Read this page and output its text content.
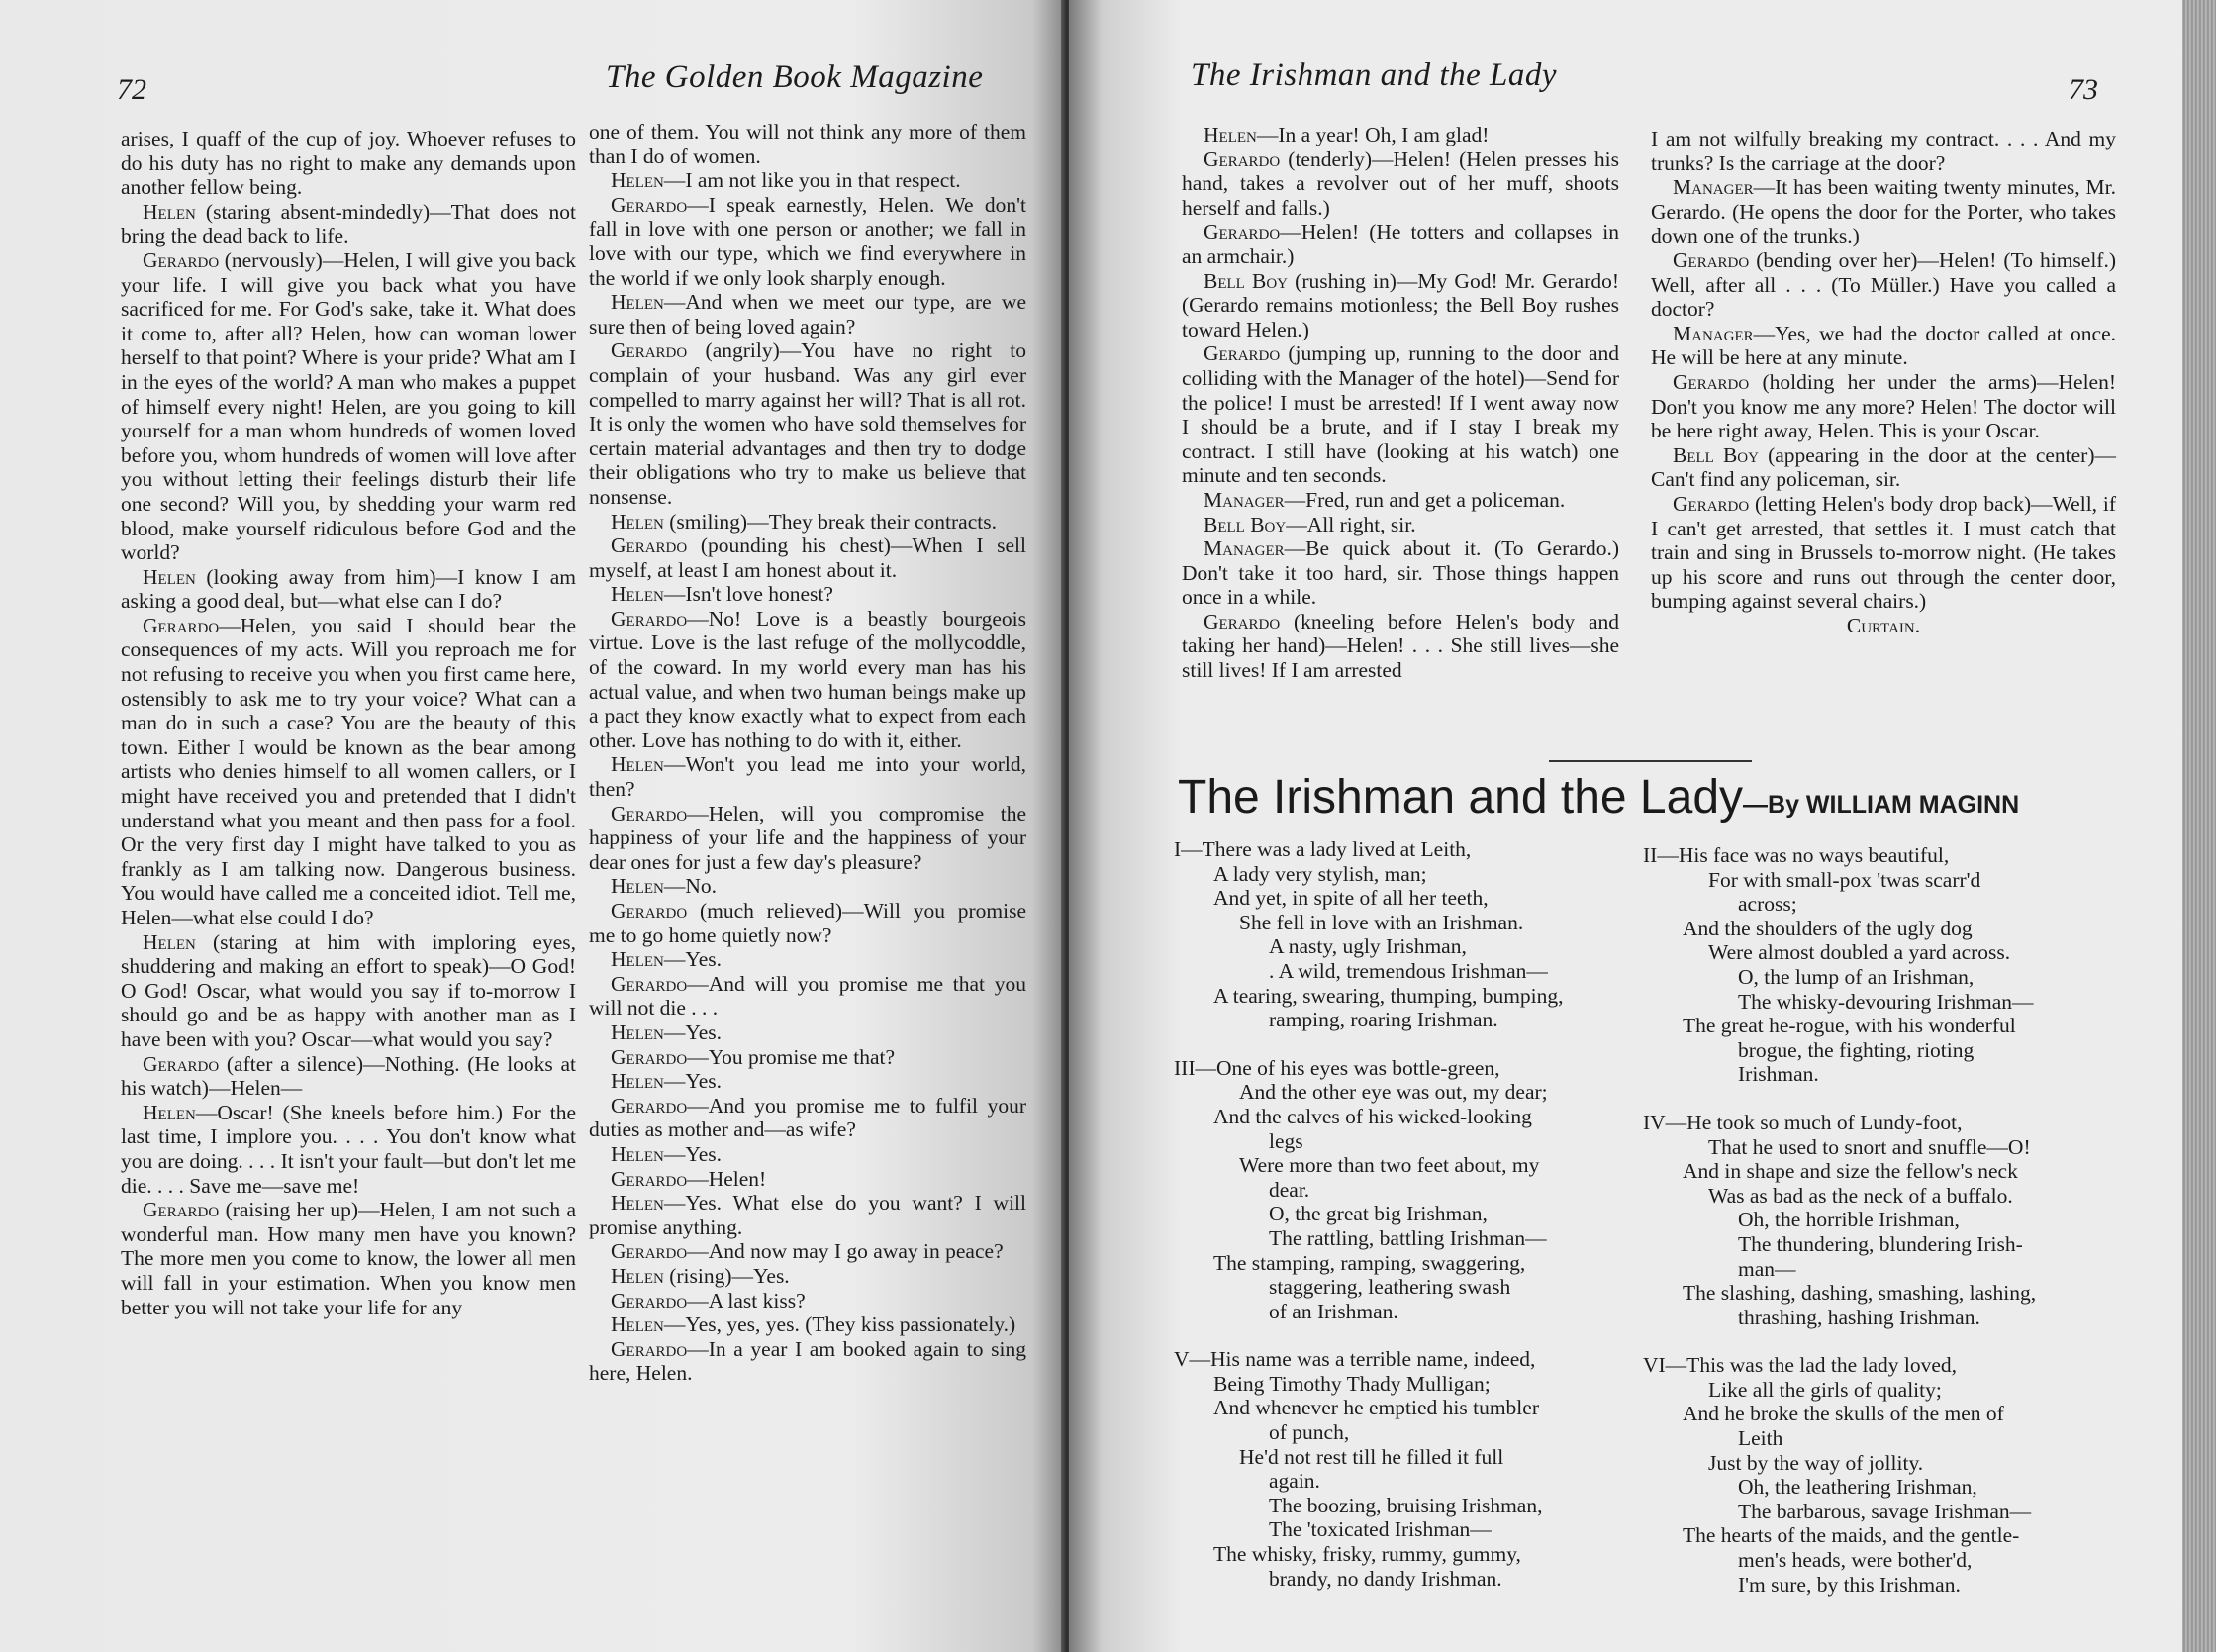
72	The Golden Book Magazine

arises, I quaff of the cup of joy. Whoever refuses to do his duty has no right to make any demands upon another fellow being.

Helen (staring absent-mindedly)—That does not bring the dead back to life.

Gerardo (nervously)—Helen, I will give you back your life. I will give you back what you have sacrificed for me. For God's sake, take it. What does it come to, after all? Helen, how can woman lower herself to that point? Where is your pride? What am I in the eyes of the world? A man who makes a puppet of himself every night! Helen, are you going to kill yourself for a man whom hundreds of women loved before you, whom hundreds of women will love after you without letting their feelings disturb their life one second? Will you, by shedding your warm red blood, make yourself ridiculous before God and the world?

Helen (looking away from him)—I know I am asking a good deal, but—what else can I do?

Gerardo—Helen, you said I should bear the consequences of my acts. Will you reproach me for not refusing to receive you when you first came here, ostensibly to ask me to try your voice? What can a man do in such a case? You are the beauty of this town. Either I would be known as the bear among artists who denies himself to all women callers, or I might have received you and pretended that I didn't understand what you meant and then pass for a fool. Or the very first day I might have talked to you as frankly as I am talking now. Dangerous business. You would have called me a conceited idiot. Tell me, Helen—what else could I do?

Helen (staring at him with imploring eyes, shuddering and making an effort to speak)—O God! O God! Oscar, what would you say if to-morrow I should go and be as happy with another man as I have been with you? Oscar—what would you say?

Gerardo (after a silence)—Nothing. (He looks at his watch)—Helen—

Helen—Oscar! (She kneels before him.) For the last time, I implore you. . . . You don't know what you are doing. . . . It isn't your fault—but don't let me die. . . . Save me—save me!

Gerardo (raising her up)—Helen, I am not such a wonderful man. How many men have you known? The more men you come to know, the lower all men will fall in your estimation. When you know men better you will not take your life for any

one of them. You will not think any more of them than I do of women.

Helen—I am not like you in that respect.

Gerardo—I speak earnestly, Helen. We don't fall in love with one person or another; we fall in love with our type, which we find everywhere in the world if we only look sharply enough.

Helen—And when we meet our type, are we sure then of being loved again?

Gerardo (angrily)—You have no right to complain of your husband. Was any girl ever compelled to marry against her will? That is all rot. It is only the women who have sold themselves for certain material advantages and then try to dodge their obligations who try to make us believe that nonsense.

Helen (smiling)—They break their contracts.

Gerardo (pounding his chest)—When I sell myself, at least I am honest about it.

Helen—Isn't love honest?

Gerardo—No! Love is a beastly bourgeois virtue. Love is the last refuge of the mollycoddle, of the coward. In my world every man has his actual value, and when two human beings make up a pact they know exactly what to expect from each other. Love has nothing to do with it, either.

Helen—Won't you lead me into your world, then?

Gerardo—Helen, will you compromise the happiness of your life and the happiness of your dear ones for just a few day's pleasure?

Helen—No.

Gerardo (much relieved)—Will you promise me to go home quietly now?

Helen—Yes.

Gerardo—And will you promise me that you will not die . . .

Helen—Yes.

Gerardo—You promise me that?

Helen—Yes.

Gerardo—And you promise me to fulfil your duties as mother and—as wife?

Helen—Yes.

Gerardo—Helen!

Helen—Yes. What else do you want? I will promise anything.

Gerardo—And now may I go away in peace?

Helen (rising)—Yes.

Gerardo—A last kiss?

Helen—Yes, yes, yes. (They kiss passionately.)

Gerardo—In a year I am booked again to sing here, Helen.

The Irishman and the Lady	73

Helen—In a year! Oh, I am glad!

Gerardo (tenderly)—Helen! (Helen presses his hand, takes a revolver out of her muff, shoots herself and falls.)

Gerardo—Helen! (He totters and collapses in an armchair.)

Bell Boy (rushing in)—My God! Mr. Gerardo! (Gerardo remains motionless; the Bell Boy rushes toward Helen.)

Gerardo (jumping up, running to the door and colliding with the Manager of the hotel)—Send for the police! I must be arrested! If I went away now I should be a brute, and if I stay I break my contract. I still have (looking at his watch) one minute and ten seconds.

Manager—Fred, run and get a policeman.

Bell Boy—All right, sir.

Manager—Be quick about it. (To Gerardo.) Don't take it too hard, sir. Those things happen once in a while.

Gerardo (kneeling before Helen's body and taking her hand)—Helen! . . . She still lives—she still lives! If I am arrested

I am not wilfully breaking my contract. . . . And my trunks? Is the carriage at the door?

Manager—It has been waiting twenty minutes, Mr. Gerardo. (He opens the door for the Porter, who takes down one of the trunks.)

Gerardo (bending over her)—Helen! (To himself.) Well, after all . . . (To Müller.) Have you called a doctor?

Manager—Yes, we had the doctor called at once. He will be here at any minute.

Gerardo (holding her under the arms)—Helen! Don't you know me any more? Helen! The doctor will be here right away, Helen. This is your Oscar.

Bell Boy (appearing in the door at the center)—Can't find any policeman, sir.

Gerardo (letting Helen's body drop back)—Well, if I can't get arrested, that settles it. I must catch that train and sing in Brussels to-morrow night. (He takes up his score and runs out through the center door, bumping against several chairs.)

Curtain.

The Irishman and the Lady—By WILLIAM MAGINN
I—There was a lady lived at Leith,
A lady very stylish, man;
And yet, in spite of all her teeth,
She fell in love with an Irishman.
A nasty, ugly Irishman,
. A wild, tremendous Irishman—
A tearing, swearing, thumping, bumping,
ramping, roaring Irishman.
III—One of his eyes was bottle-green,
And the other eye was out, my dear;
And the calves of his wicked-looking
legs
Were more than two feet about, my
dear.
O, the great big Irishman,
The rattling, battling Irishman—
The stamping, ramping, swaggering,
staggering, leathering swash
of an Irishman.
V—His name was a terrible name, indeed,
Being Timothy Thady Mulligan;
And whenever he emptied his tumbler
of punch,
He'd not rest till he filled it full
again.
The boozing, bruising Irishman,
The 'toxicated Irishman—
The whisky, frisky, rummy, gummy,
brandy, no dandy Irishman.
II—His face was no ways beautiful,
For with small-pox 'twas scarr'd
across;
And the shoulders of the ugly dog
Were almost doubled a yard across.
O, the lump of an Irishman,
The whisky-devouring Irishman—
The great he-rogue, with his wonderful
brogue, the fighting, rioting
Irishman.
IV—He took so much of Lundy-foot,
That he used to snort and snuffle—O!
And in shape and size the fellow's neck
Was as bad as the neck of a buffalo.
Oh, the horrible Irishman,
The thundering, blundering Irish-
man—
The slashing, dashing, smashing, lashing,
thrashing, hashing Irishman.
VI—This was the lad the lady loved,
Like all the girls of quality;
And he broke the skulls of the men of
Leith
Just by the way of jollity.
Oh, the leathering Irishman,
The barbarous, savage Irishman—
The hearts of the maids, and the gentle-
men's heads, were bother'd,
I'm sure, by this Irishman.
